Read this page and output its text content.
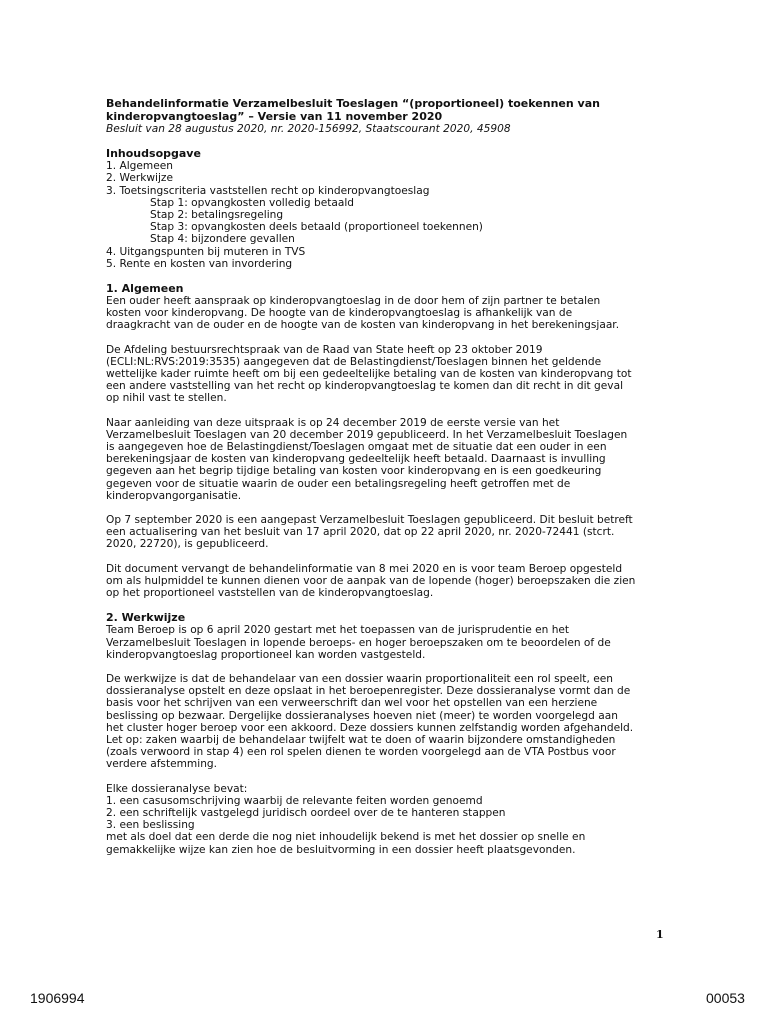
Behandelinformatie Verzamelbesluit Toeslagen “(proportioneel) toekennen van
kinderopvangtoeslag” – Versie van 11 november 2020
Besluit van 28 augustus 2020, nr. 2020-156992, Staatscourant 2020, 45908
Inhoudsopgave
1. Algemeen
2. Werkwijze
3. Toetsingscriteria vaststellen recht op kinderopvangtoeslag
Stap 1: opvangkosten volledig betaald
Stap 2: betalingsregeling
Stap 3: opvangkosten deels betaald (proportioneel toekennen)
Stap 4: bijzondere gevallen
4. Uitgangspunten bij muteren in TVS
5. Rente en kosten van invordering
1. Algemeen

Een ouder heeft aanspraak op kinderopvangtoeslag in de door hem of zijn partner te betalen
kosten voor kinderopvang. De hoogte van de kinderopvangtoeslag is afhankelijk van de
draagkracht van de ouder en de hoogte van de kosten van kinderopvang in het berekeningsjaar.

De Afdeling bestuursrechtspraak van de Raad van State heeft op 23 oktober 2019
(ECLI:NL:RVS:2019:3535) aangegeven dat de Belastingdienst/Toeslagen binnen het geldende
wettelijke kader ruimte heeft om bij een gedeeltelijke betaling van de kosten van kinderopvang tot
een andere vaststelling van het recht op kinderopvangtoeslag te komen dan dit recht in dit geval
op nihil vast te stellen.

Naar aanleiding van deze uitspraak is op 24 december 2019 de eerste versie van het
Verzamelbesluit Toeslagen van 20 december 2019 gepubliceerd. In het Verzamelbesluit Toeslagen
is aangegeven hoe de Belastingdienst/Toeslagen omgaat met de situatie dat een ouder in een
berekeningsjaar de kosten van kinderopvang gedeeltelijk heeft betaald. Daarnaast is invulling
gegeven aan het begrip tijdige betaling van kosten voor kinderopvang en is een goedkeuring
gegeven voor de situatie waarin de ouder een betalingsregeling heeft getroffen met de
kinderopvangorganisatie.

Op 7 september 2020 is een aangepast Verzamelbesluit Toeslagen gepubliceerd. Dit besluit betreft
een actualisering van het besluit van 17 april 2020, dat op 22 april 2020, nr. 2020-72441 (stcrt.
2020, 22720), is gepubliceerd.

Dit document vervangt de behandelinformatie van 8 mei 2020 en is voor team Beroep opgesteld
om als hulpmiddel te kunnen dienen voor de aanpak van de lopende (hoger) beroepszaken die zien
op het proportioneel vaststellen van de kinderopvangtoeslag.

2. Werkwijze

Team Beroep is op 6 april 2020 gestart met het toepassen van de jurisprudentie en het
Verzamelbesluit Toeslagen in lopende beroeps- en hoger beroepszaken om te beoordelen of de
kinderopvangtoeslag proportioneel kan worden vastgesteld.

De werkwijze is dat de behandelaar van een dossier waarin proportionaliteit een rol speelt, een
dossieranalyse opstelt en deze opslaat in het beroepenregister. Deze dossieranalyse vormt dan de
basis voor het schrijven van een verweerschrift dan wel voor het opstellen van een herziene
beslissing op bezwaar. Dergelijke dossieranalyses hoeven niet (meer) te worden voorgelegd aan
het cluster hoger beroep voor een akkoord. Deze dossiers kunnen zelfstandig worden afgehandeld.
Let op: zaken waarbij de behandelaar twijfelt wat te doen of waarin bijzondere omstandigheden
(zoals verwoord in stap 4) een rol spelen dienen te worden voorgelegd aan de VTA Postbus voor
verdere afstemming.

Elke dossieranalyse bevat:
1. een casusomschrijving waarbij de relevante feiten worden genoemd
2. een schriftelijk vastgelegd juridisch oordeel over de te hanteren stappen
3. een beslissing
met als doel dat een derde die nog niet inhoudelijk bekend is met het dossier op snelle en
gemakkelijke wijze kan zien hoe de besluitvorming in een dossier heeft plaatsgevonden.

1
1906994	00053
